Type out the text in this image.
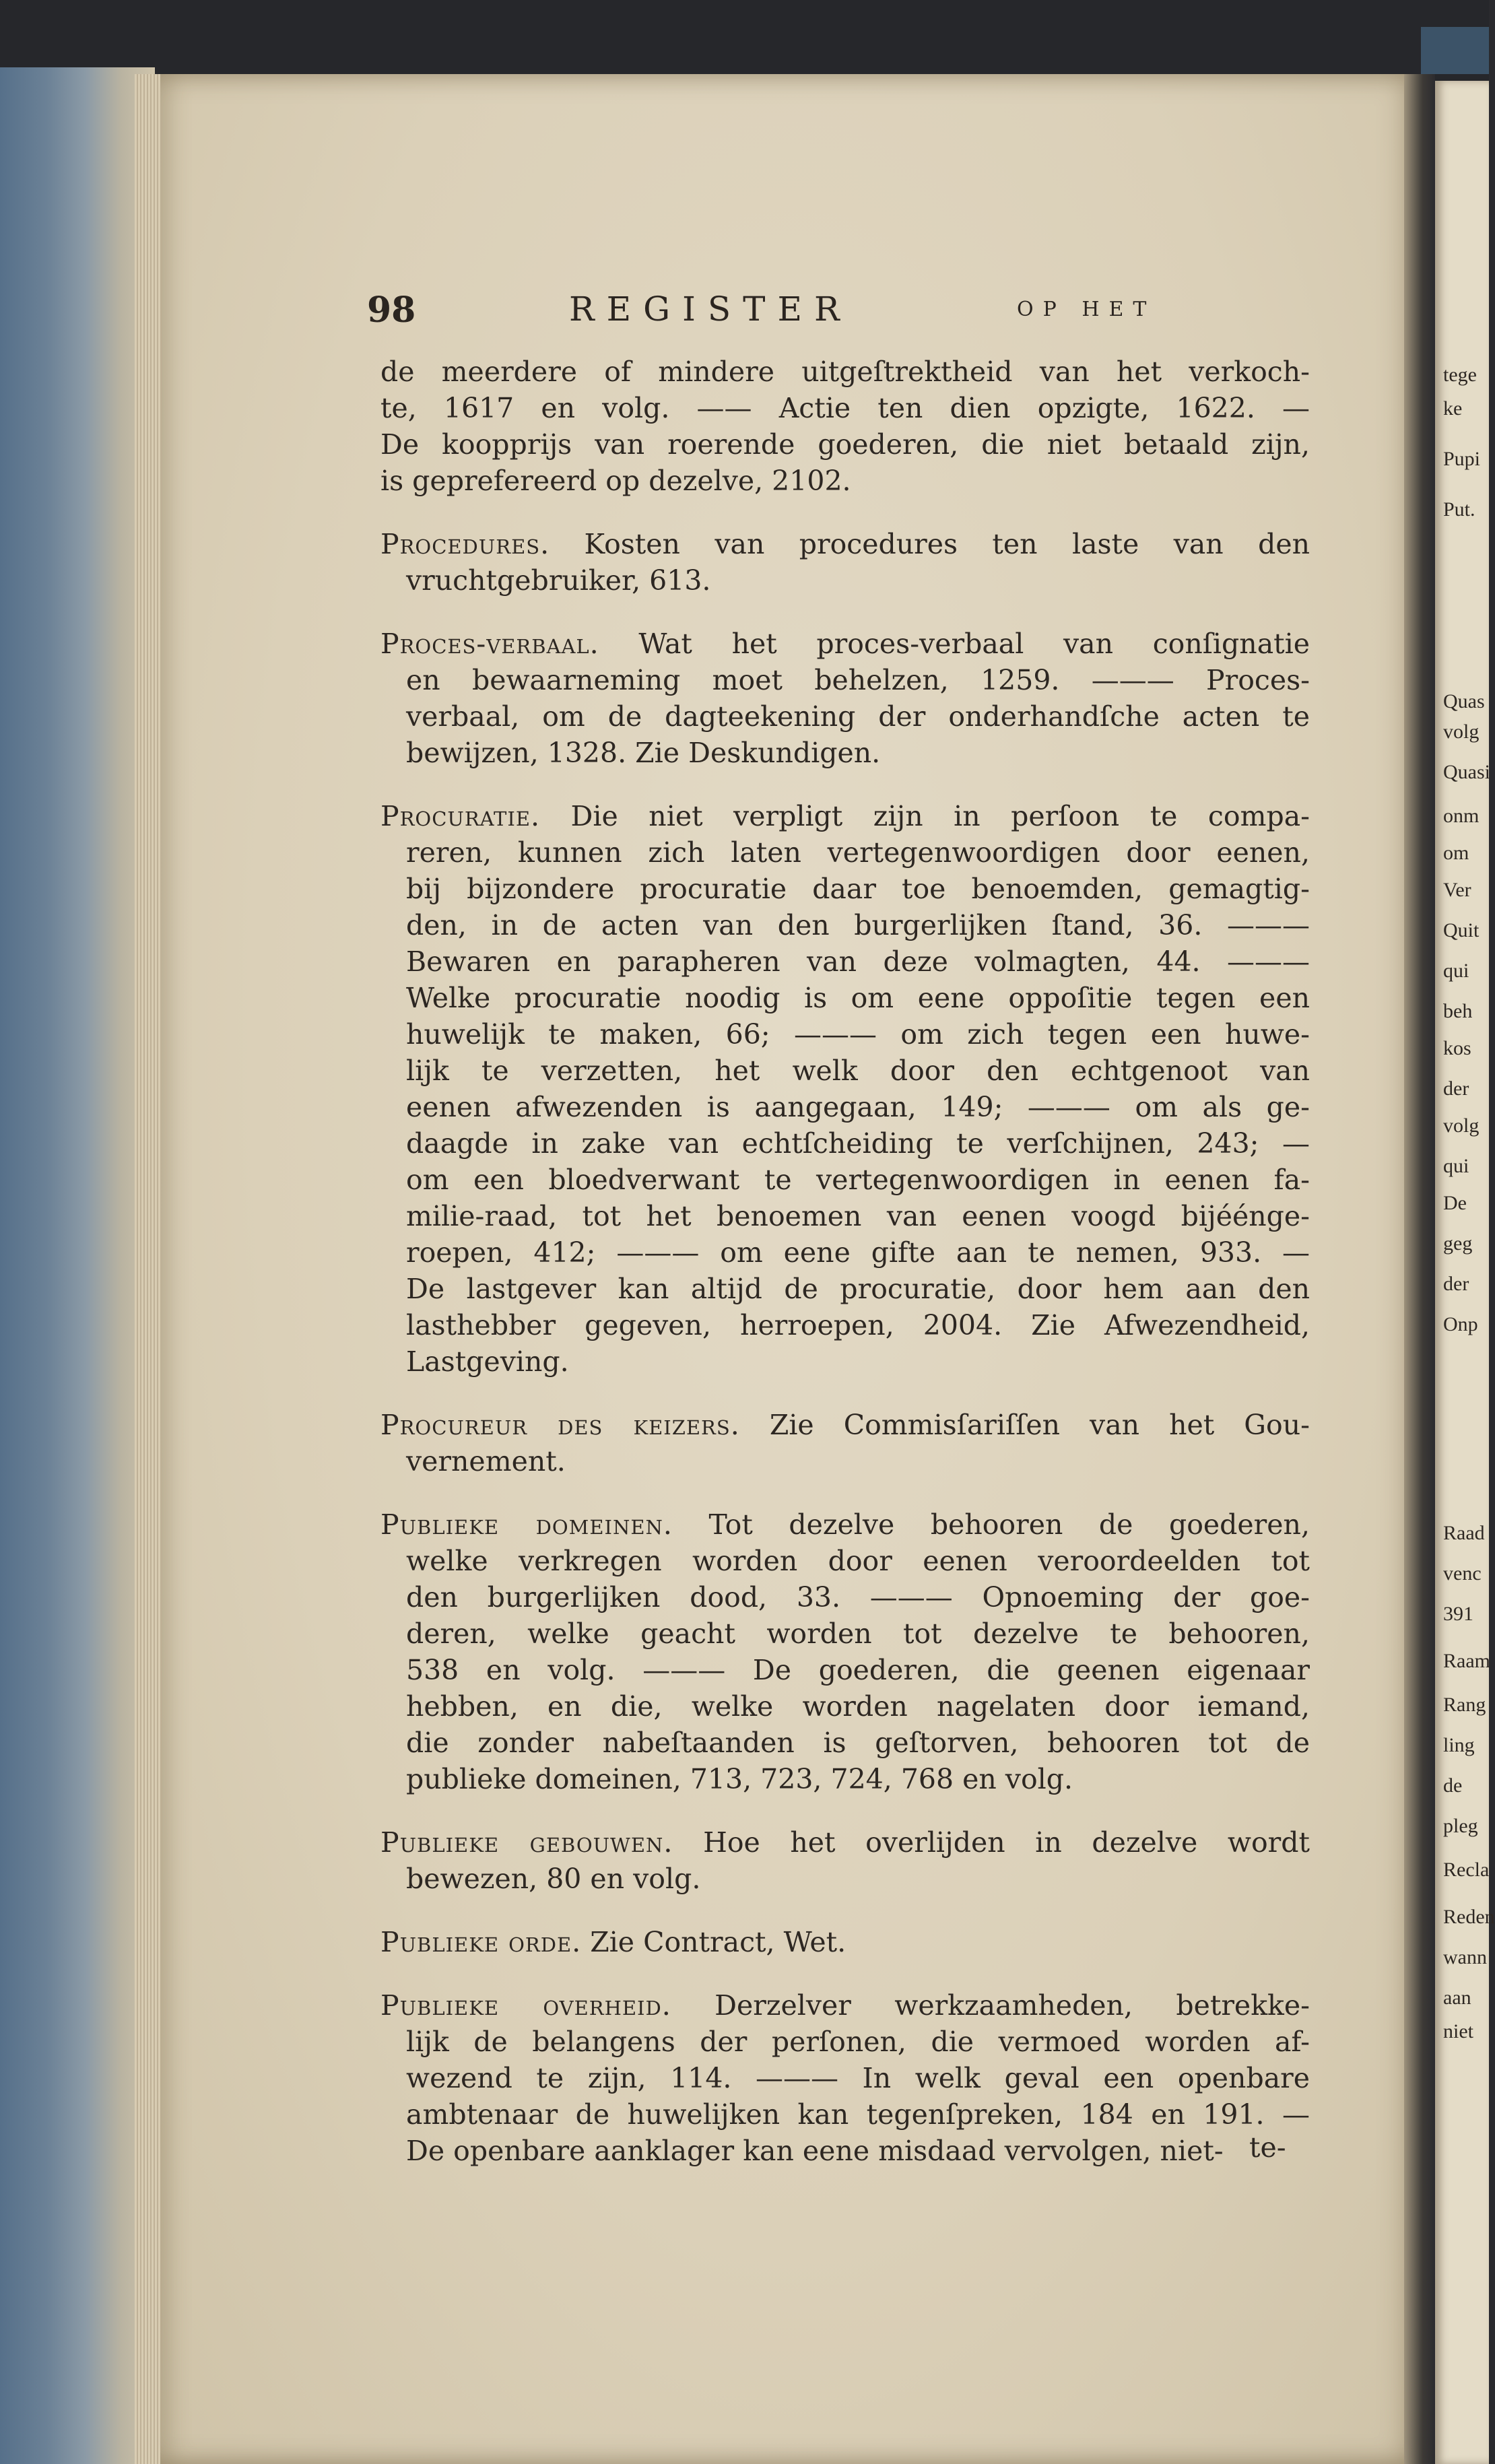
tege
ke
Pupi
Put.
Quas
volg
Quasi
onm
om
Ver
Quit
qui
beh
kos
der
volg
qui
De
geg
der
Onp
Raad
venc
391
Raam
Rang
ling
de
pleg
Recla
Reden
wann
aan
niet
98	REGISTER	OP HET
de meerdere of mindere uitgeſtrektheid van het verkoch-
te, 1617 en volg. —— Actie ten dien opzigte, 1622. —
De koopprijs van roerende goederen, die niet betaald zijn,
is geprefereerd op dezelve, 2102.
Procedures. Kosten van procedures ten laste van den
vruchtgebruiker, 613.
Proces-verbaal. Wat het proces-verbaal van conſignatie
en bewaarneming moet behelzen, 1259. ——— Proces-
verbaal, om de dagteekening der onderhandſche acten te
bewijzen, 1328. Zie Deskundigen.
Procuratie. Die niet verpligt zijn in perſoon te compa-
reren, kunnen zich laten vertegenwoordigen door eenen,
bij bijzondere procuratie daar toe benoemden, gemagtig-
den, in de acten van den burgerlijken ſtand, 36. ———
Bewaren en parapheren van deze volmagten, 44. ———
Welke procuratie noodig is om eene oppoſitie tegen een
huwelijk te maken, 66; ——— om zich tegen een huwe-
lijk te verzetten, het welk door den echtgenoot van
eenen afwezenden is aangegaan, 149; ——— om als ge-
daagde in zake van echtſcheiding te verſchijnen, 243; —
om een bloedverwant te vertegenwoordigen in eenen fa-
milie-raad, tot het benoemen van eenen voogd bijéénge-
roepen, 412; ——— om eene gifte aan te nemen, 933. —
De lastgever kan altijd de procuratie, door hem aan den
lasthebber gegeven, herroepen, 2004. Zie Afwezendheid,
Lastgeving.
Procureur des keizers. Zie Commisſariſſen van het Gou-
vernement.
Publieke domeinen. Tot dezelve behooren de goederen,
welke verkregen worden door eenen veroordeelden tot
den burgerlijken dood, 33. ——— Opnoeming der goe-
deren, welke geacht worden tot dezelve te behooren,
538 en volg. ——— De goederen, die geenen eigenaar
hebben, en die, welke worden nagelaten door iemand,
die zonder nabeſtaanden is geſtorven, behooren tot de
publieke domeinen, 713, 723, 724, 768 en volg.
Publieke gebouwen. Hoe het overlijden in dezelve wordt
bewezen, 80 en volg.
Publieke orde. Zie Contract, Wet.
Publieke overheid. Derzelver werkzaamheden, betrekke-
lijk de belangens der perſonen, die vermoed worden af-
wezend te zijn, 114. ——— In welk geval een openbare
ambtenaar de huwelijken kan tegenſpreken, 184 en 191. —
De openbare aanklager kan eene misdaad vervolgen, niet- te-
